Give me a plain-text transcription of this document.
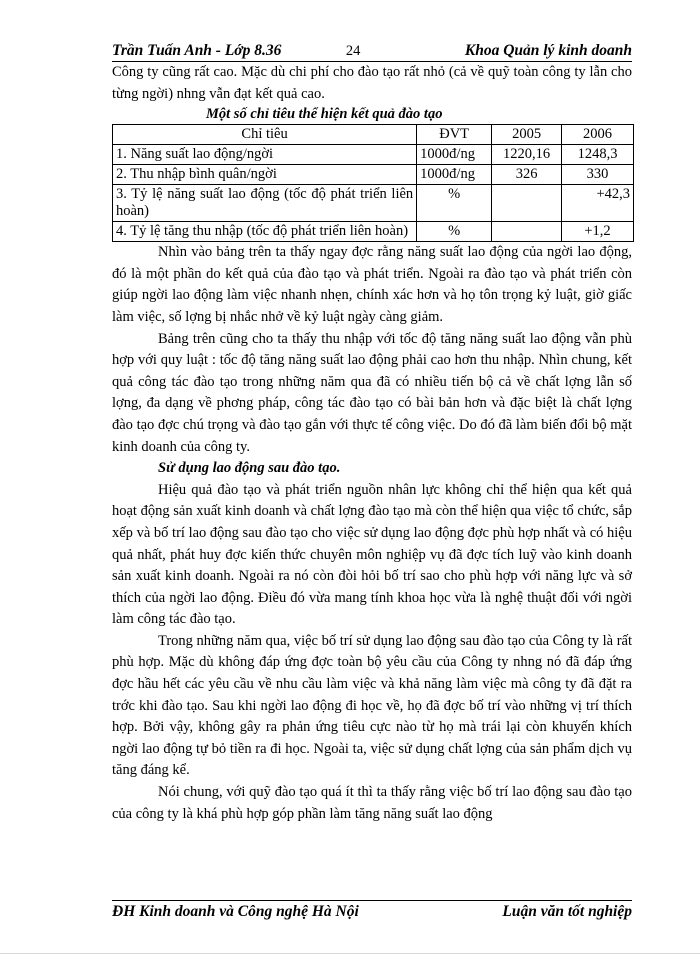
Trần Tuấn Anh - Lớp 8.36	24	Khoa Quản lý kinh doanh

Công ty cũng rất cao. Mặc dù chi phí cho đào tạo rất nhỏ (cả về quỹ toàn công ty lẫn cho từng ngời) nhng vẫn đạt kết quả cao.

Một số chỉ tiêu thể hiện kết quả đào tạo

Chỉ tiêu	ĐVT	2005	2006
1. Năng suất lao động/ngời	1000đ/ng	1220,16	1248,3
2. Thu nhập bình quân/ngời	1000đ/ng	326	330
3. Tỷ lệ năng suất lao động (tốc độ phát triển liên hoàn)	%		+42,3
4. Tỷ lệ tăng thu nhập (tốc độ phát triển liên hoàn)	%		+1,2

Nhìn vào bảng trên ta thấy ngay đợc rằng năng suất lao động của ngời lao động, đó là một phần do kết quả của đào tạo và phát triển. Ngoài ra đào tạo và phát triển còn giúp ngời lao động làm việc nhanh nhẹn, chính xác hơn và họ tôn trọng kỷ luật, giờ giấc làm việc, số lợng bị nhắc nhở về kỷ luật ngày càng giảm.

Bảng trên cũng cho ta thấy thu nhập với tốc độ tăng năng suất lao động vẫn phù hợp với quy luật : tốc độ tăng năng suất lao động phải cao hơn thu nhập. Nhìn chung, kết quả công tác đào tạo trong những năm qua đã có nhiều tiến bộ cả về chất lợng lẫn số lợng, đa dạng về phơng pháp, công tác đào tạo có bài bản hơn và đặc biệt là chất lợng đào tạo đợc chú trọng và đào tạo gắn với thực tế công việc. Do đó đã làm biến đổi bộ mặt kinh doanh của công ty.

Sử dụng lao động sau đào tạo.

Hiệu quả đào tạo và phát triển nguồn nhân lực không chỉ thể hiện qua kết quả hoạt động sản xuất kinh doanh và chất lợng đào tạo mà còn thể hiện qua việc tổ chức, sắp xếp và bố trí lao động sau đào tạo cho việc sử dụng lao động đợc phù hợp nhất và có hiệu quả nhất, phát huy đợc kiến thức chuyên môn nghiệp vụ đã đợc tích luỹ vào kinh doanh sản xuất kinh doanh. Ngoài ra nó còn đòi hỏi bố trí sao cho phù hợp với năng lực và sở thích của ngời lao động. Điều đó vừa mang tính khoa học vừa là nghệ thuật đối với ngời làm công tác đào tạo.

Trong những năm qua, việc bố trí sử dụng lao động sau đào tạo của Công ty là rất phù hợp. Mặc dù không đáp ứng đợc toàn bộ yêu cầu của Công ty nhng nó đã đáp ứng đợc hầu hết các yêu cầu về nhu cầu làm việc và khả năng làm việc mà công ty đã đặt ra trớc khi đào tạo. Sau khi ngời lao động đi học về, họ đã đợc bố trí vào những vị trí thích hợp. Bởi vậy, không gây ra phản ứng tiêu cực nào từ họ mà trái lại còn khuyến khích ngời lao động tự bỏ tiền ra đi học. Ngoài ta, việc sử dụng chất lợng của sản phẩm dịch vụ tăng đáng kể.

Nói chung, với quỹ đào tạo quá ít thì ta thấy rằng việc bố trí lao động sau đào tạo của công ty là khá phù hợp góp phần làm tăng năng suất lao động

ĐH Kinh doanh và Công nghệ Hà Nội	Luận văn tốt nghiệp
